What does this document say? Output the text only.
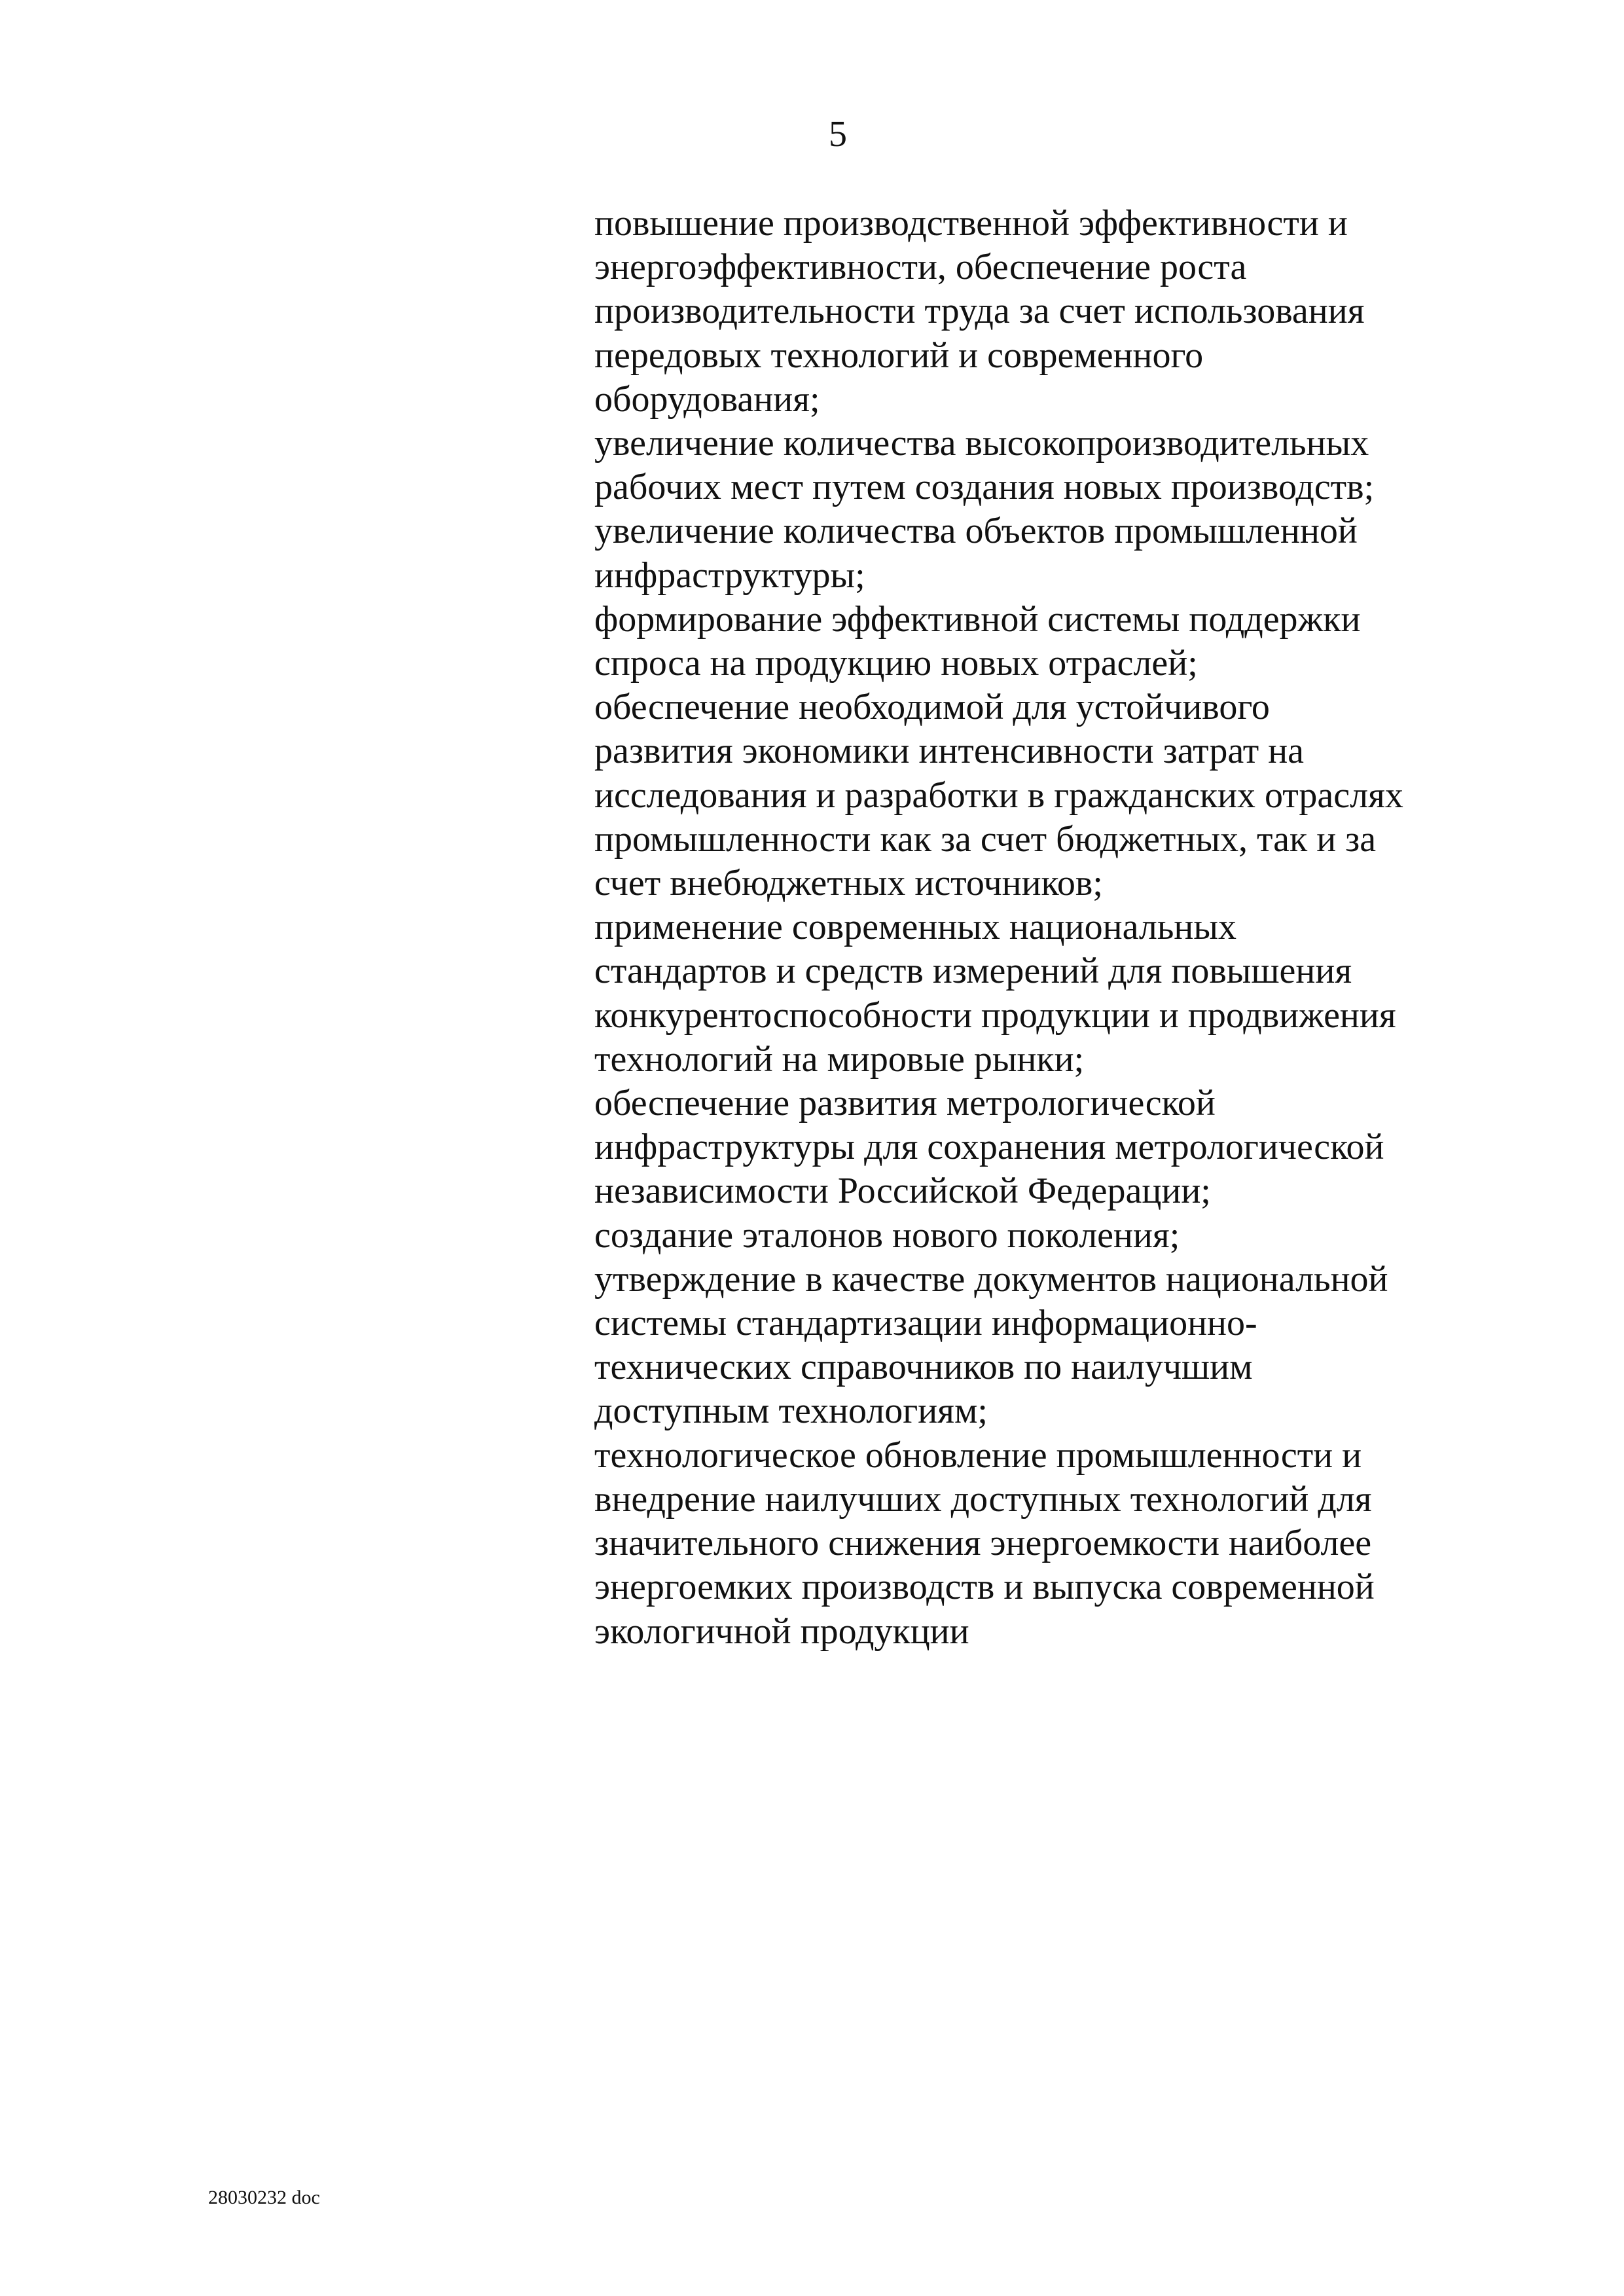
5
повышение производственной эффективности и
энергоэффективности, обеспечение роста
производительности труда за счет использования
передовых технологий и современного
оборудования;
увеличение количества высокопроизводительных
рабочих мест путем создания новых производств;
увеличение количества объектов промышленной
инфраструктуры;
формирование эффективной системы поддержки
спроса на продукцию новых отраслей;
обеспечение необходимой для устойчивого
развития экономики интенсивности затрат на
исследования и разработки в гражданских отраслях
промышленности как за счет бюджетных, так и за
счет внебюджетных источников;
применение современных национальных
стандартов и средств измерений для повышения
конкурентоспособности продукции и продвижения
технологий на мировые рынки;
обеспечение развития метрологической
инфраструктуры для сохранения метрологической
независимости Российской Федерации;
создание эталонов нового поколения;
утверждение в качестве документов национальной
системы стандартизации информационно-
технических справочников по наилучшим
доступным технологиям;
технологическое обновление промышленности и
внедрение наилучших доступных технологий для
значительного снижения энергоемкости наиболее
энергоемких производств и выпуска современной
экологичной продукции
28030232 doc
